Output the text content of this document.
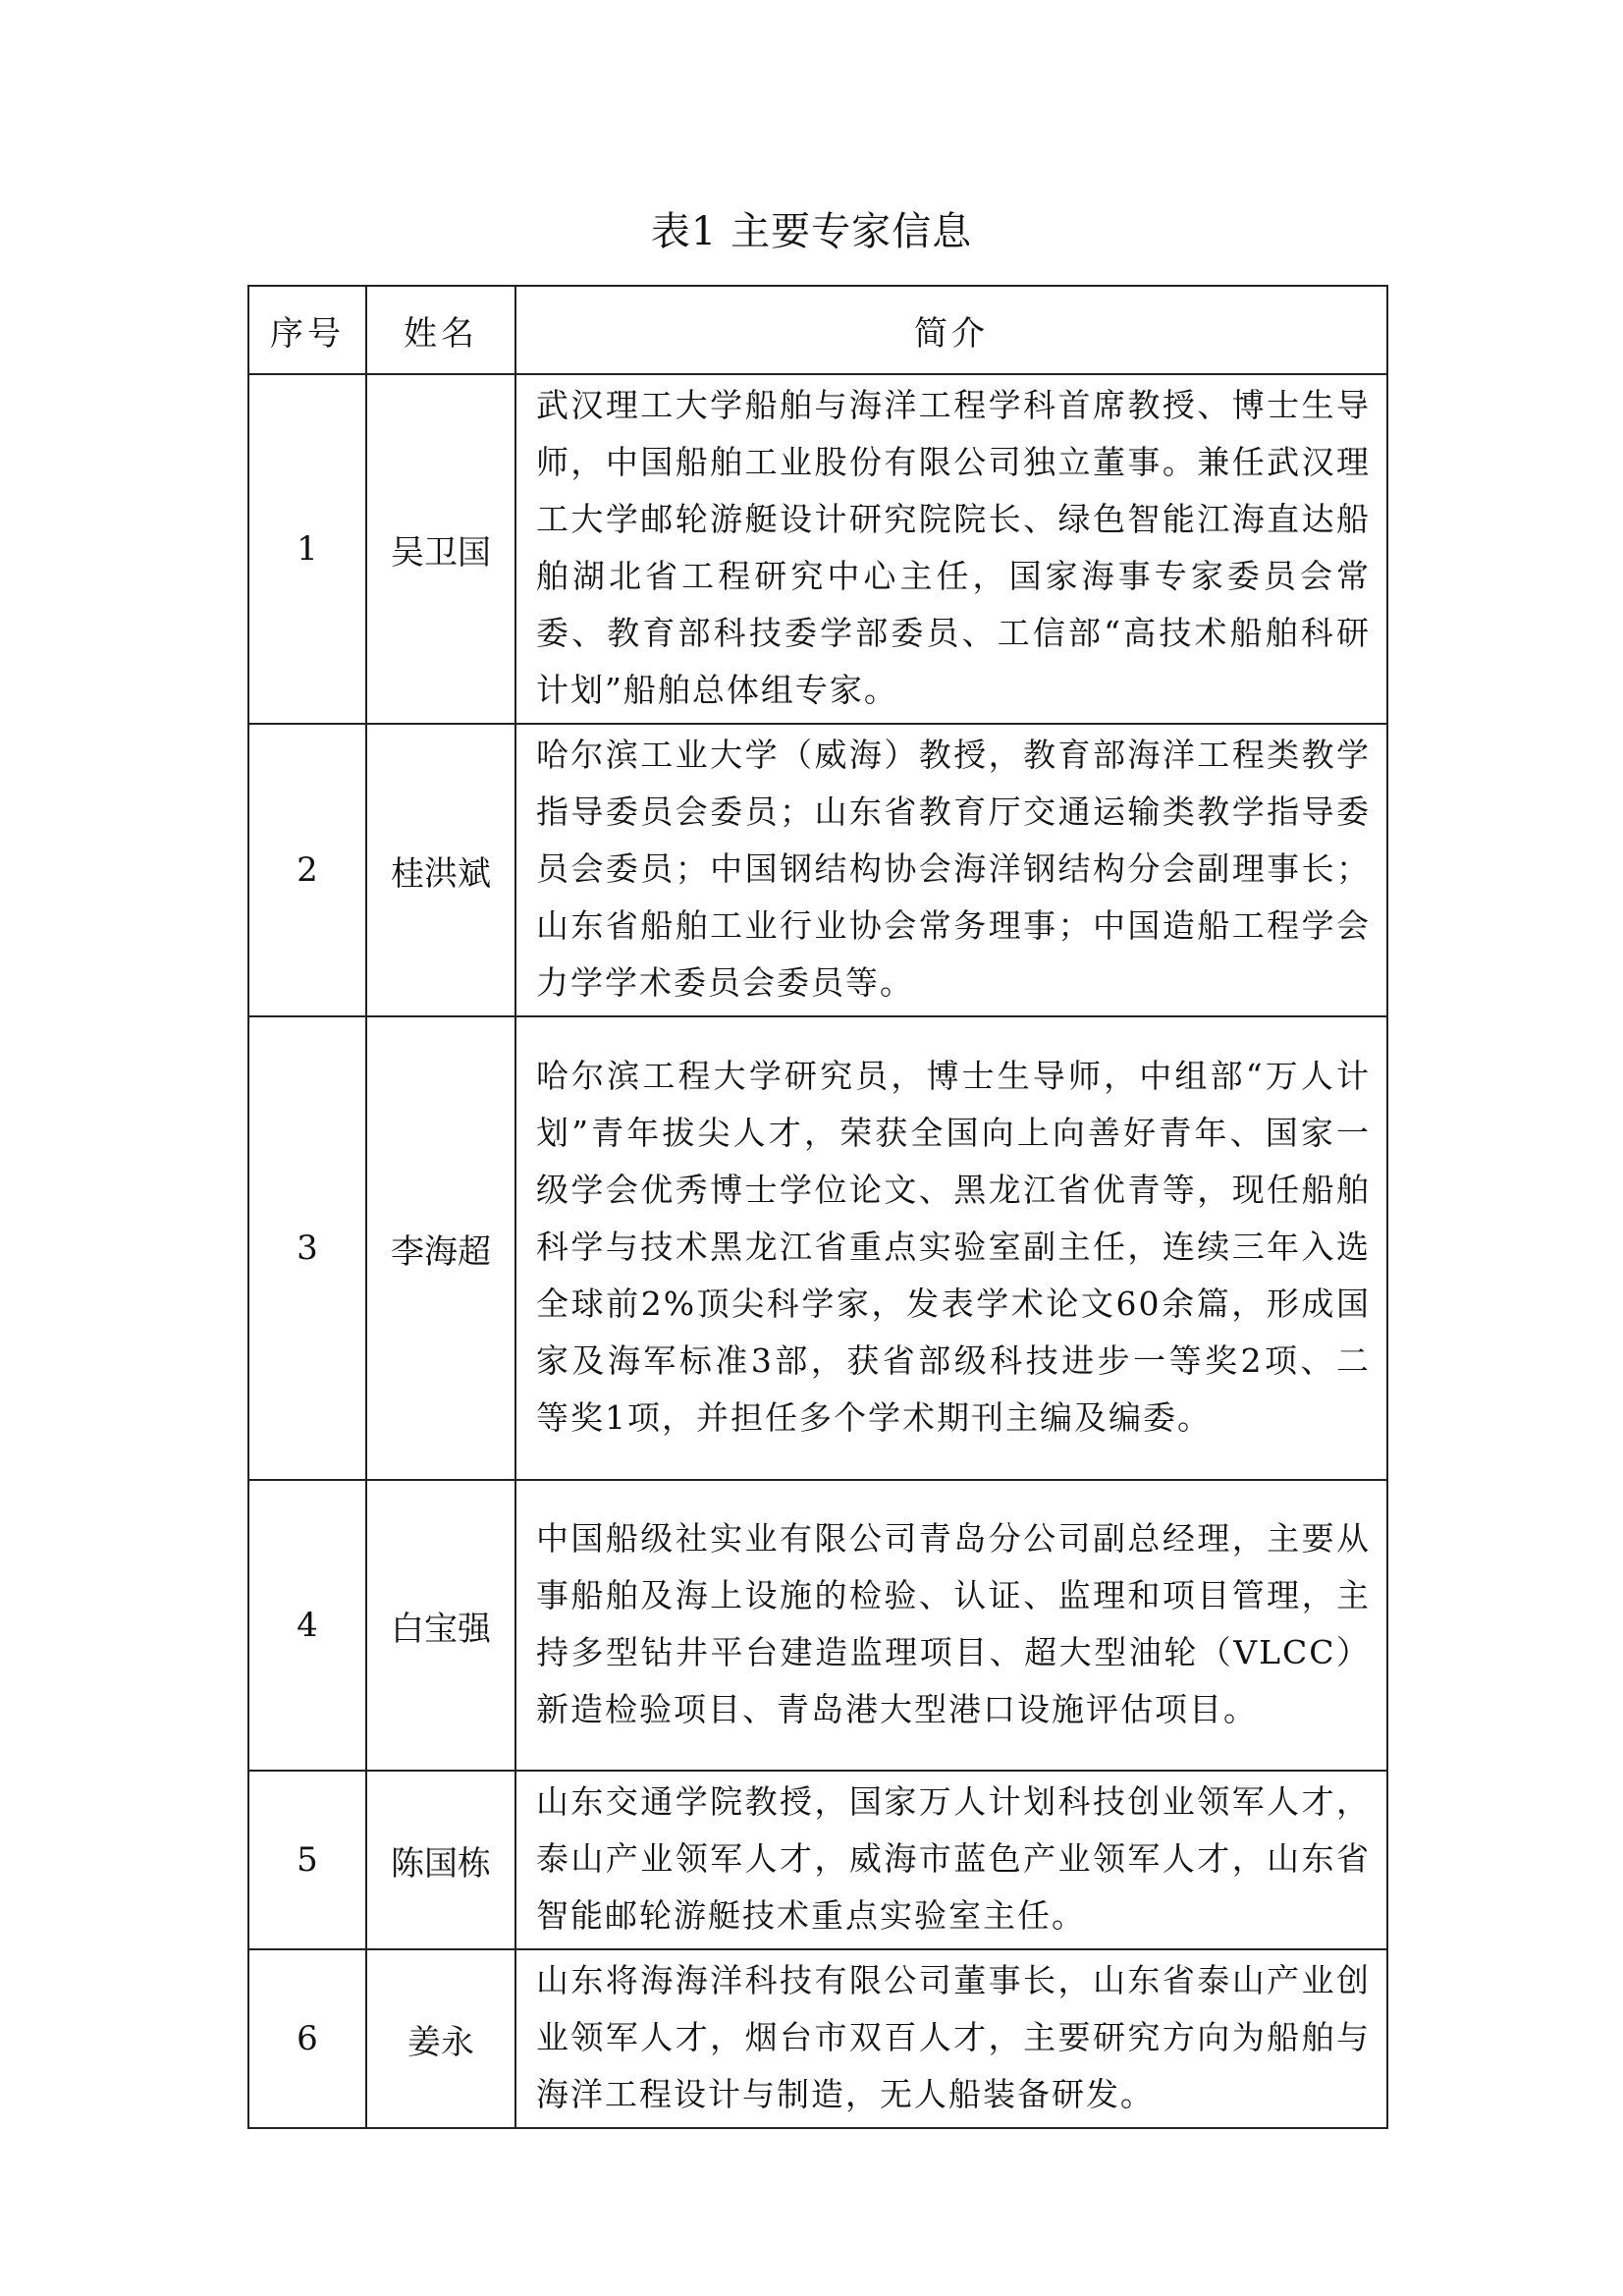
表1 主要专家信息
序号	姓名	简介
1	吴卫国	武汉理工大学船舶与海洋工程学科首席教授、博士生导师，中国船舶工业股份有限公司独立董事。兼任武汉理工大学邮轮游艇设计研究院院长、绿色智能江海直达船舶湖北省工程研究中心主任，国家海事专家委员会常委、教育部科技委学部委员、工信部“高技术船舶科研计划”船舶总体组专家。
2	桂洪斌	哈尔滨工业大学（威海）教授，教育部海洋工程类教学指导委员会委员；山东省教育厅交通运输类教学指导委员会委员；中国钢结构协会海洋钢结构分会副理事长；山东省船舶工业行业协会常务理事；中国造船工程学会力学学术委员会委员等。
3	李海超	哈尔滨工程大学研究员，博士生导师，中组部“万人计划”青年拔尖人才，荣获全国向上向善好青年、国家一级学会优秀博士学位论文、黑龙江省优青等，现任船舶科学与技术黑龙江省重点实验室副主任，连续三年入选全球前2%顶尖科学家，发表学术论文60余篇，形成国家及海军标准3部，获省部级科技进步一等奖2项、二等奖1项，并担任多个学术期刊主编及编委。
4	白宝强	中国船级社实业有限公司青岛分公司副总经理，主要从事船舶及海上设施的检验、认证、监理和项目管理，主持多型钻井平台建造监理项目、超大型油轮（VLCC）新造检验项目、青岛港大型港口设施评估项目。
5	陈国栋	山东交通学院教授，国家万人计划科技创业领军人才，泰山产业领军人才，威海市蓝色产业领军人才，山东省智能邮轮游艇技术重点实验室主任。
6	姜永	山东将海海洋科技有限公司董事长，山东省泰山产业创业领军人才，烟台市双百人才，主要研究方向为船舶与海洋工程设计与制造，无人船装备研发。
